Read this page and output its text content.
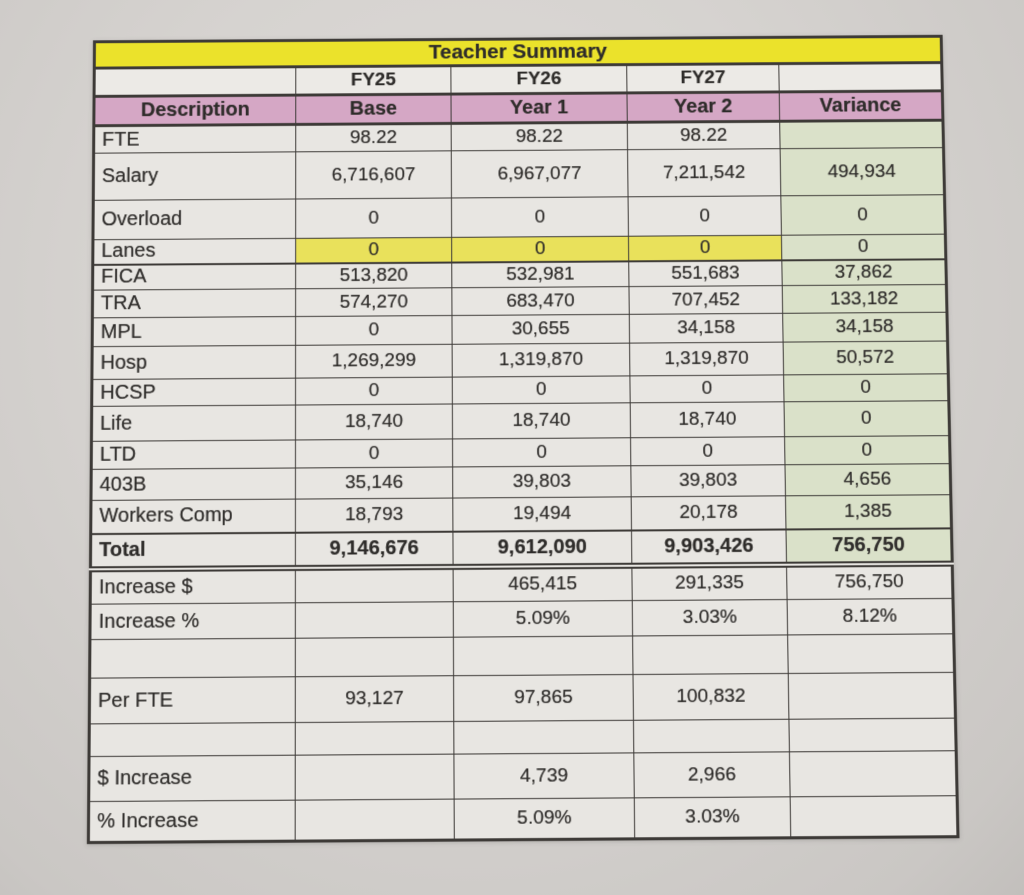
Teacher Summary				
	FY25	FY26	FY27	
Description	Base	Year 1	Year 2	Variance
FTE	98.22	98.22	98.22	
Salary	6,716,607	6,967,077	7,211,542	494,934
Overload	0	0	0	0
Lanes	0	0	0	0
FICA	513,820	532,981	551,683	37,862
TRA	574,270	683,470	707,452	133,182
MPL	0	30,655	34,158	34,158
Hosp	1,269,299	1,319,870	1,319,870	50,572
HCSP	0	0	0	0
Life	18,740	18,740	18,740	0
LTD	0	0	0	0
403B	35,146	39,803	39,803	4,656
Workers Comp	18,793	19,494	20,178	1,385
Total	9,146,676	9,612,090	9,903,426	756,750
Increase $		465,415	291,335	756,750
Increase %		5.09%	3.03%	8.12%

Per FTE	93,127	97,865	100,832	

$ Increase		4,739	2,966	
% Increase		5.09%	3.03%	
